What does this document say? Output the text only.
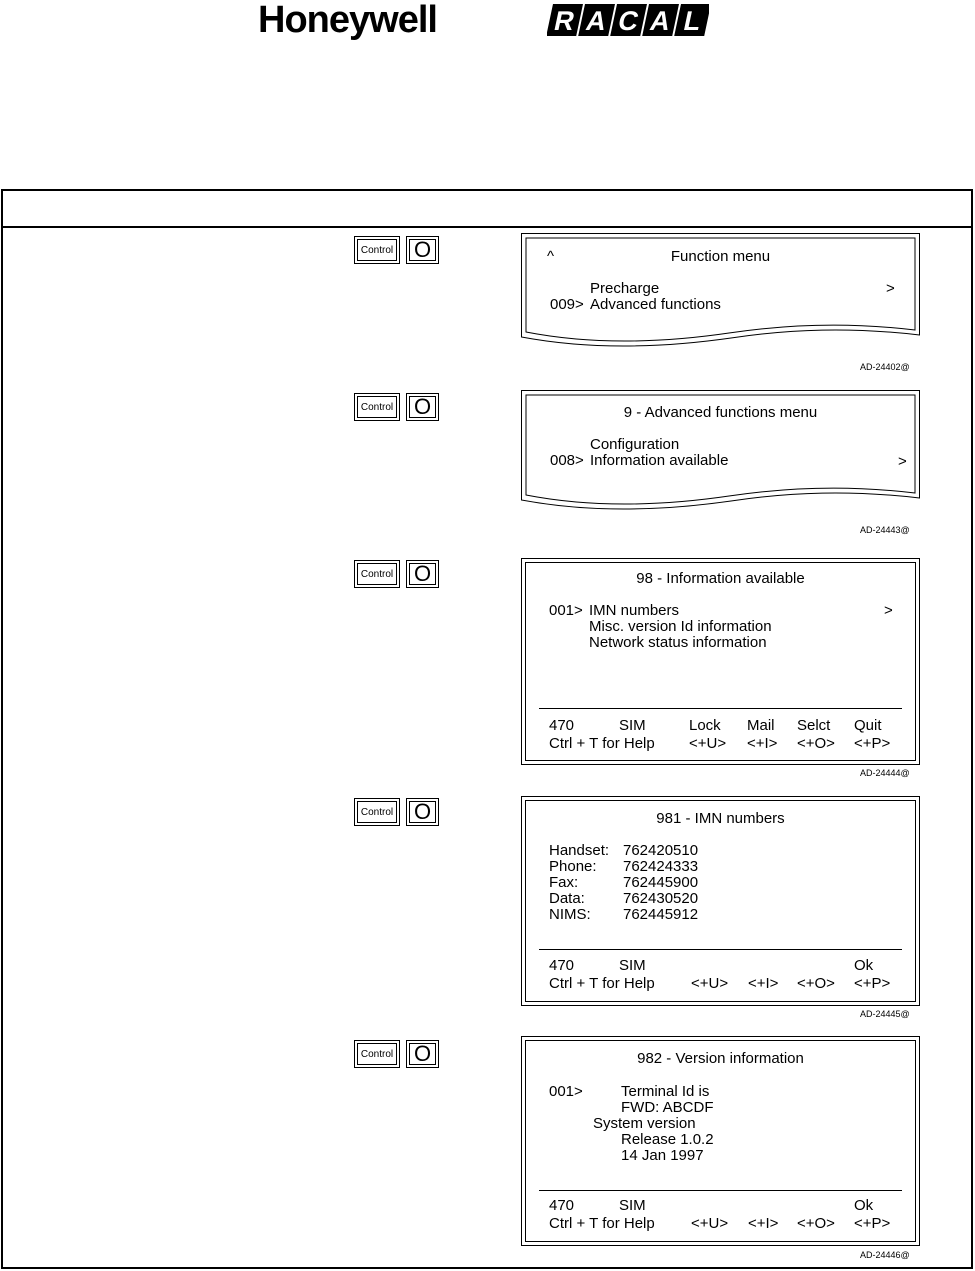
Honeywell	R A C A L
Control O	^	Function menu
Precharge	>
009> Advanced functions
AD-24402@
Control O	9 - Advanced functions menu
Configuration
008> Information available	>
AD-24443@
Control O	98 - Information available
001> IMN numbers	>
Misc. version Id information
Network status information
470	SIM	Lock Mail Selct Quit
Ctrl + T for Help <+U> <+I> <+O> <+P>
AD-24444@
Control O	981 - IMN numbers
Handset: 762420510
Phone: 762424333
Fax:	762445900
Data:	762430520
NIMS: 762445912
470	SIM	Ok
Ctrl + T for Help <+U> <+I> <+O> <+P>
AD-24445@
Control O	982 - Version information
001>	Terminal Id is
FWD: ABCDF
System version
Release 1.0.2
14 Jan 1997
470	SIM	Ok
Ctrl + T for Help <+U> <+I> <+O> <+P>
AD-24446@
